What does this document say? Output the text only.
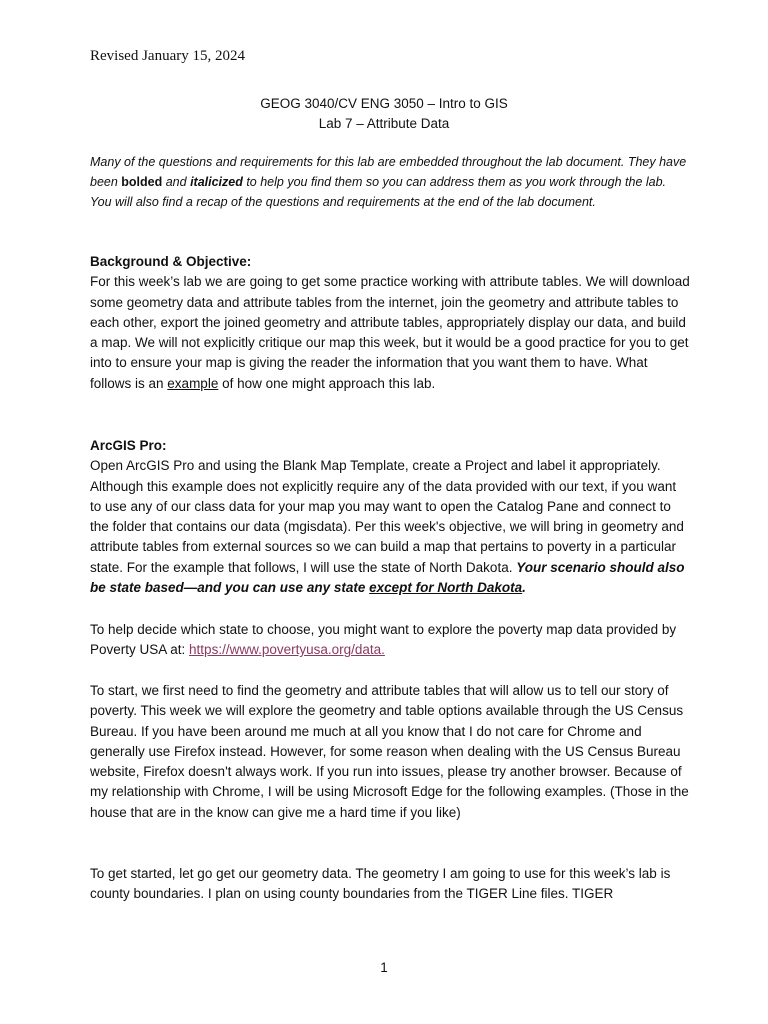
Revised January 15, 2024
GEOG 3040/CV ENG 3050 – Intro to GIS
Lab 7 – Attribute Data
Many of the questions and requirements for this lab are embedded throughout the lab document. They have been bolded and italicized to help you find them so you can address them as you work through the lab. You will also find a recap of the questions and requirements at the end of the lab document.
Background & Objective:

For this week’s lab we are going to get some practice working with attribute tables. We will download some geometry data and attribute tables from the internet, join the geometry and attribute tables to each other, export the joined geometry and attribute tables, appropriately display our data, and build a map. We will not explicitly critique our map this week, but it would be a good practice for you to get into to ensure your map is giving the reader the information that you want them to have. What follows is an example of how one might approach this lab.

ArcGIS Pro:

Open ArcGIS Pro and using the Blank Map Template, create a Project and label it appropriately. Although this example does not explicitly require any of the data provided with our text, if you want to use any of our class data for your map you may want to open the Catalog Pane and connect to the folder that contains our data (mgisdata). Per this week's objective, we will bring in geometry and attribute tables from external sources so we can build a map that pertains to poverty in a particular state. For the example that follows, I will use the state of North Dakota. Your scenario should also be state based—and you can use any state except for North Dakota.

To help decide which state to choose, you might want to explore the poverty map data provided by Poverty USA at: https://www.povertyusa.org/data.
To start, we first need to find the geometry and attribute tables that will allow us to tell our story of poverty. This week we will explore the geometry and table options available through the US Census Bureau. If you have been around me much at all you know that I do not care for Chrome and generally use Firefox instead. However, for some reason when dealing with the US Census Bureau website, Firefox doesn't always work. If you run into issues, please try another browser. Because of my relationship with Chrome, I will be using Microsoft Edge for the following examples. (Those in the house that are in the know can give me a hard time if you like)
To get started, let go get our geometry data. The geometry I am going to use for this week’s lab is county boundaries. I plan on using county boundaries from the TIGER Line files. TIGER
1
